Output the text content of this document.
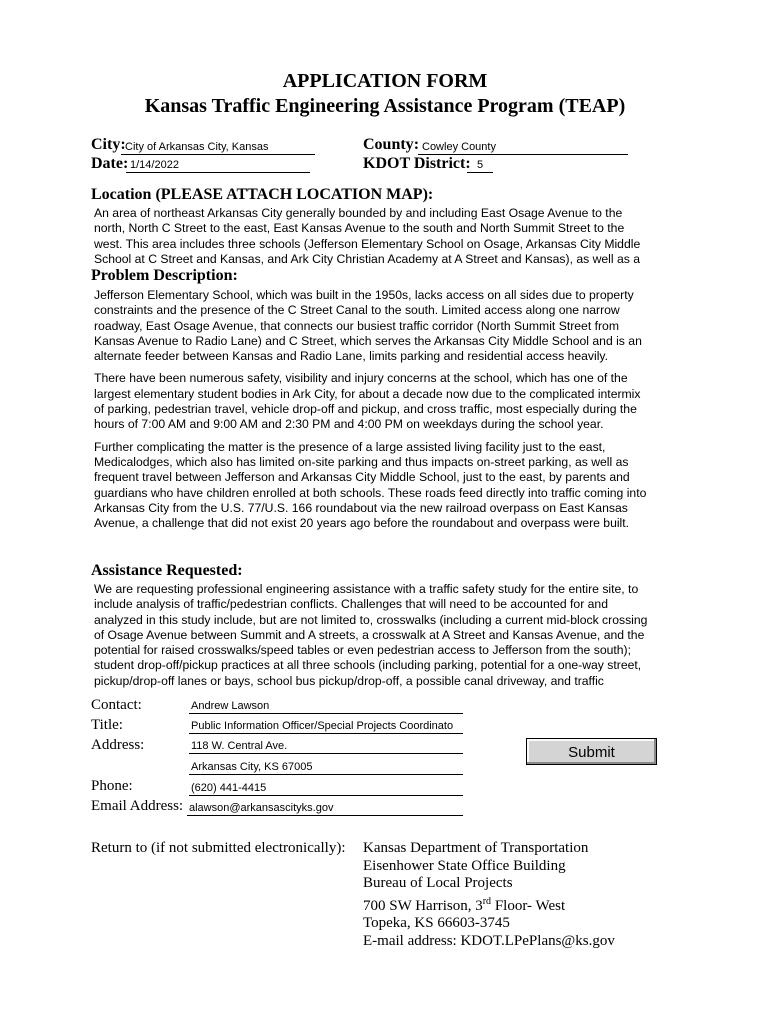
APPLICATION FORM
Kansas Traffic Engineering Assistance Program (TEAP)
City: City of Arkansas City, Kansas	County: Cowley County
Date: 1/14/2022	KDOT District: 5
Location (PLEASE ATTACH LOCATION MAP):
An area of northeast Arkansas City generally bounded by and including East Osage Avenue to the north, North C Street to the east, East Kansas Avenue to the south and North Summit Street to the west. This area includes three schools (Jefferson Elementary School on Osage, Arkansas City Middle School at C Street and Kansas, and Ark City Christian Academy at A Street and Kansas), as well as a
Problem Description:

Jefferson Elementary School, which was built in the 1950s, lacks access on all sides due to property constraints and the presence of the C Street Canal to the south. Limited access along one narrow roadway, East Osage Avenue, that connects our busiest traffic corridor (North Summit Street from Kansas Avenue to Radio Lane) and C Street, which serves the Arkansas City Middle School and is an alternate feeder between Kansas and Radio Lane, limits parking and residential access heavily.

There have been numerous safety, visibility and injury concerns at the school, which has one of the largest elementary student bodies in Ark City, for about a decade now due to the complicated intermix of parking, pedestrian travel, vehicle drop-off and pickup, and cross traffic, most especially during the hours of 7:00 AM and 9:00 AM and 2:30 PM and 4:00 PM on weekdays during the school year.

Further complicating the matter is the presence of a large assisted living facility just to the east, Medicalodges, which also has limited on-site parking and thus impacts on-street parking, as well as frequent travel between Jefferson and Arkansas City Middle School, just to the east, by parents and guardians who have children enrolled at both schools. These roads feed directly into traffic coming into Arkansas City from the U.S. 77/U.S. 166 roundabout via the new railroad overpass on East Kansas Avenue, a challenge that did not exist 20 years ago before the roundabout and overpass were built.

Assistance Requested:
We are requesting professional engineering assistance with a traffic safety study for the entire site, to include analysis of traffic/pedestrian conflicts. Challenges that will need to be accounted for and analyzed in this study include, but are not limited to, crosswalks (including a current mid-block crossing of Osage Avenue between Summit and A streets, a crosswalk at A Street and Kansas Avenue, and the potential for raised crosswalks/speed tables or even pedestrian access to Jefferson from the south); student drop-off/pickup practices at all three schools (including parking, potential for a one-way street, pickup/drop-off lanes or bays, school bus pickup/drop-off, a possible canal driveway, and traffic
Contact:	Andrew Lawson
Title:	Public Information Officer/Special Projects Coordinato
Address:	118 W. Central Ave.
Arkansas City, KS 67005
Phone:	(620) 441-4415
Email Address: alawson@arkansascityks.gov
Submit
Return to (if not submitted electronically): Kansas Department of Transportation
Eisenhower State Office Building
Bureau of Local Projects
700 SW Harrison, 3rd Floor- West
Topeka, KS 66603-3745
E-mail address: KDOT.LPePlans@ks.gov
